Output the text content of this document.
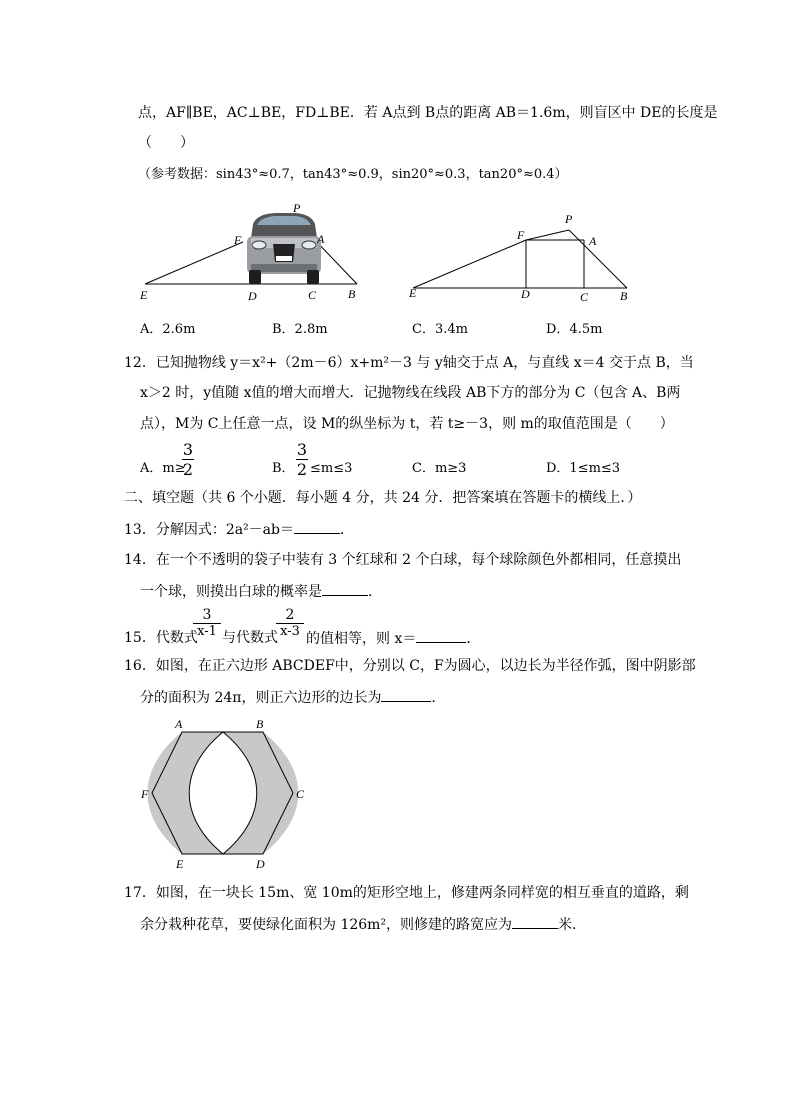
点，AF∥BE，AC⊥BE，FD⊥BE．若 A点到 B点的距离 AB＝1.6m，则盲区中 DE的长度是
（　　）
（参考数据：sin43°≈0.7，tan43°≈0.9，sin20°≈0.3，tan20°≈0.4）
P
F	A
E	D	C	B
P
F	A
E	D	C	B
A．2.6m	B．2.8m	C．3.4m	D．4.5m
12．已知抛物线 y＝x²+（2m－6）x+m²－3 与 y轴交于点 A，与直线 x＝4 交于点 B，当
x＞2 时，y值随 x值的增大而增大．记抛物线在线段 AB下方的部分为 C（包含 A、B两
点），M为 C上任意一点，设 M的纵坐标为 t，若 t≥－3，则 m的取值范围是（　　）
A．m≥
$\frac{3}{2}$	B． $\frac{3}{2} \le m\le 3$	C．m≥3	D．1≤m≤3
二、填空题（共 6 个小题．每小题 4 分，共 24 分．把答案填在答题卡的横线上．）
13．分解因式：2a²－ab＝	．
14．在一个不透明的袋子中装有 3 个红球和 2 个白球，每个球除颜色外都相同，任意摸出
一个球，则摸出白球的概率是	．
$\frac{3}{x-1}$	$\frac{2}{x-3}$
15．代数式 与代数式 的值相等，则 x＝	．
16．如图，在正六边形 ABCDEF中，分别以 C，F为圆心，以边长为半径作弧，图中阴影部
分的面积为 24π，则正六边形的边长为	．
A	B
C
D
E
F
17．如图，在一块长 15m、宽 10m的矩形空地上，修建两条同样宽的相互垂直的道路，剩
余分栽种花草，要使绿化面积为 126m²，则修建的路宽应为	米．
